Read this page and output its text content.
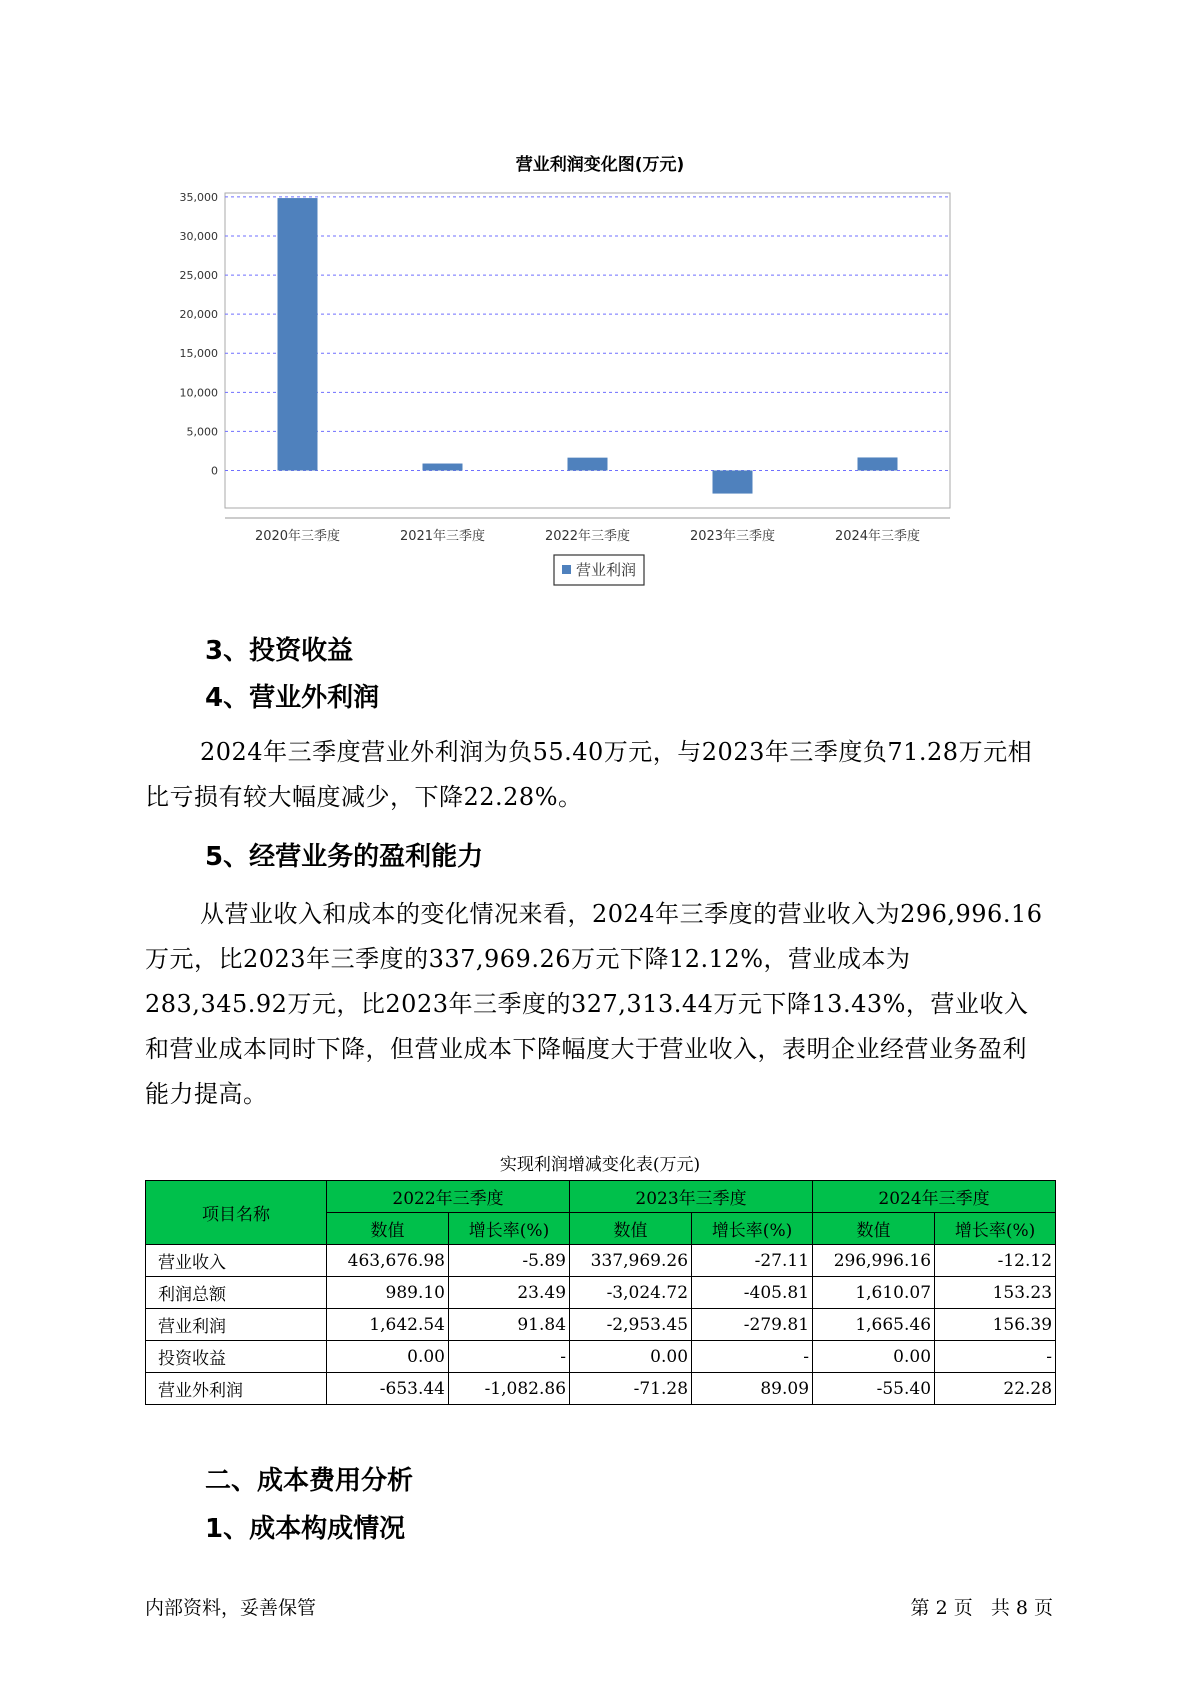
营业利润变化图(万元)
35,000
30,000
25,000
20,000
15,000
10,000
5,000
0
2020年三季度	2021年三季度	2022年三季度	2023年三季度	2024年三季度
营业利润
3、投资收益
4、营业外利润

2024年三季度营业外利润为负55.40万元，与2023年三季度负71.28万元相比亏损有较大幅度减少，下降22.28%。

5、经营业务的盈利能力

从营业收入和成本的变化情况来看，2024年三季度的营业收入为296,996.16万元，比2023年三季度的337,969.26万元下降12.12%，营业成本为283,345.92万元，比2023年三季度的327,313.44万元下降13.43%，营业收入和营业成本同时下降，但营业成本下降幅度大于营业收入，表明企业经营业务盈利能力提高。

实现利润增减变化表(万元)
项目名称	2022年三季度		2023年三季度		2024年三季度	
	数值	增长率(%)	数值	增长率(%)	数值	增长率(%)
营业收入	463,676.98	-5.89	337,969.26	-27.11	296,996.16	-12.12
利润总额	989.10	23.49	-3,024.72	-405.81	1,610.07	153.23
营业利润	1,642.54	91.84	-2,953.45	-279.81	1,665.46	156.39
投资收益	0.00	-	0.00	-	0.00	-
营业外利润	-653.44	-1,082.86	-71.28	89.09	-55.40	22.28
二、成本费用分析
1、成本构成情况
内部资料，妥善保管	第 2 页   共 8 页
